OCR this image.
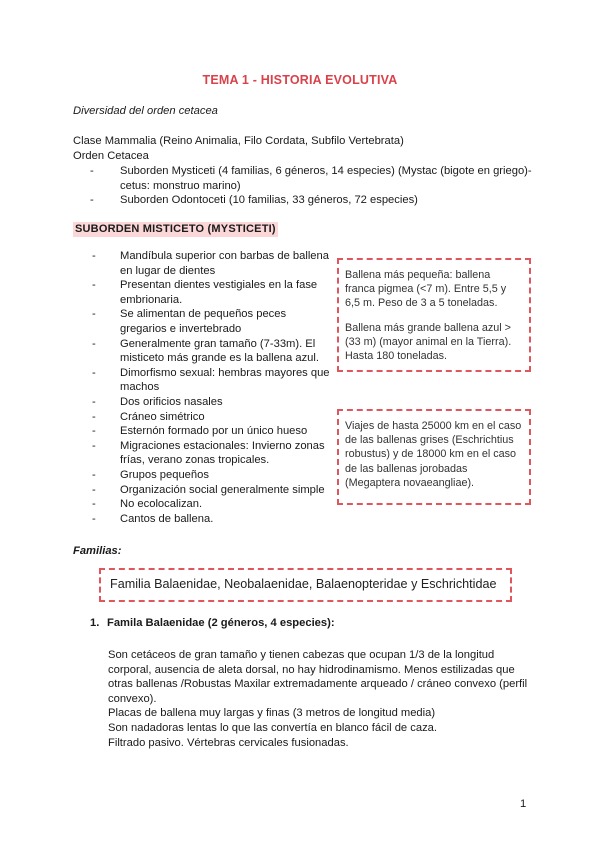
TEMA 1 - HISTORIA EVOLUTIVA
Diversidad del orden cetacea
Clase Mammalia (Reino Animalia, Filo Cordata, Subfilo Vertebrata)
Orden Cetacea
-	Suborden Mysticeti (4 familias, 6 géneros, 14 especies) (Mystac (bigote en griego)-
cetus: monstruo marino)
-	Suborden Odontoceti (10 familias, 33 géneros, 72 especies)
SUBORDEN MISTICETO (MYSTICETI)
- Mandíbula superior con barbas de ballena en lugar de dientes
- Presentan dientes vestigiales en la fase embrionaria.
- Se alimentan de pequeños peces gregarios e invertebrado
- Generalmente gran tamaño (7-33m). El misticeto más grande es la ballena azul.
- Dimorfismo sexual: hembras mayores que machos
- Dos orificios nasales
- Cráneo simétrico
- Esternón formado por un único hueso
- Migraciones estacionales: Invierno zonas frías, verano zonas tropicales.
- Grupos pequeños
- Organización social generalmente simple
- No ecolocalizan.
- Cantos de ballena.

Ballena más pequeña: ballena franca pigmea (<7 m). Entre 5,5 y 6,5 m. Peso de 3 a 5 toneladas.

Ballena más grande ballena azul > (33 m) (mayor animal en la Tierra). Hasta 180 toneladas.

Viajes de hasta 25000 km en el caso de las ballenas grises (Eschrichtius robustus) y de 18000 km en el caso de las ballenas jorobadas (Megaptera novaeangliae).

Familias:
Familia Balaenidae, Neobalaenidae, Balaenopteridae y Eschrichtidae
1. Famila Balaenidae (2 géneros, 4 especies):
Son cetáceos de gran tamaño y tienen cabezas que ocupan 1/3 de la longitud corporal, ausencia de aleta dorsal, no hay hidrodinamismo. Menos estilizadas que otras ballenas /Robustas Maxilar extremadamente arqueado / cráneo convexo (perfil convexo).
Placas de ballena muy largas y finas (3 metros de longitud media)
Son nadadoras lentas lo que las convertía en blanco fácil de caza.
Filtrado pasivo. Vértebras cervicales fusionadas.
1
